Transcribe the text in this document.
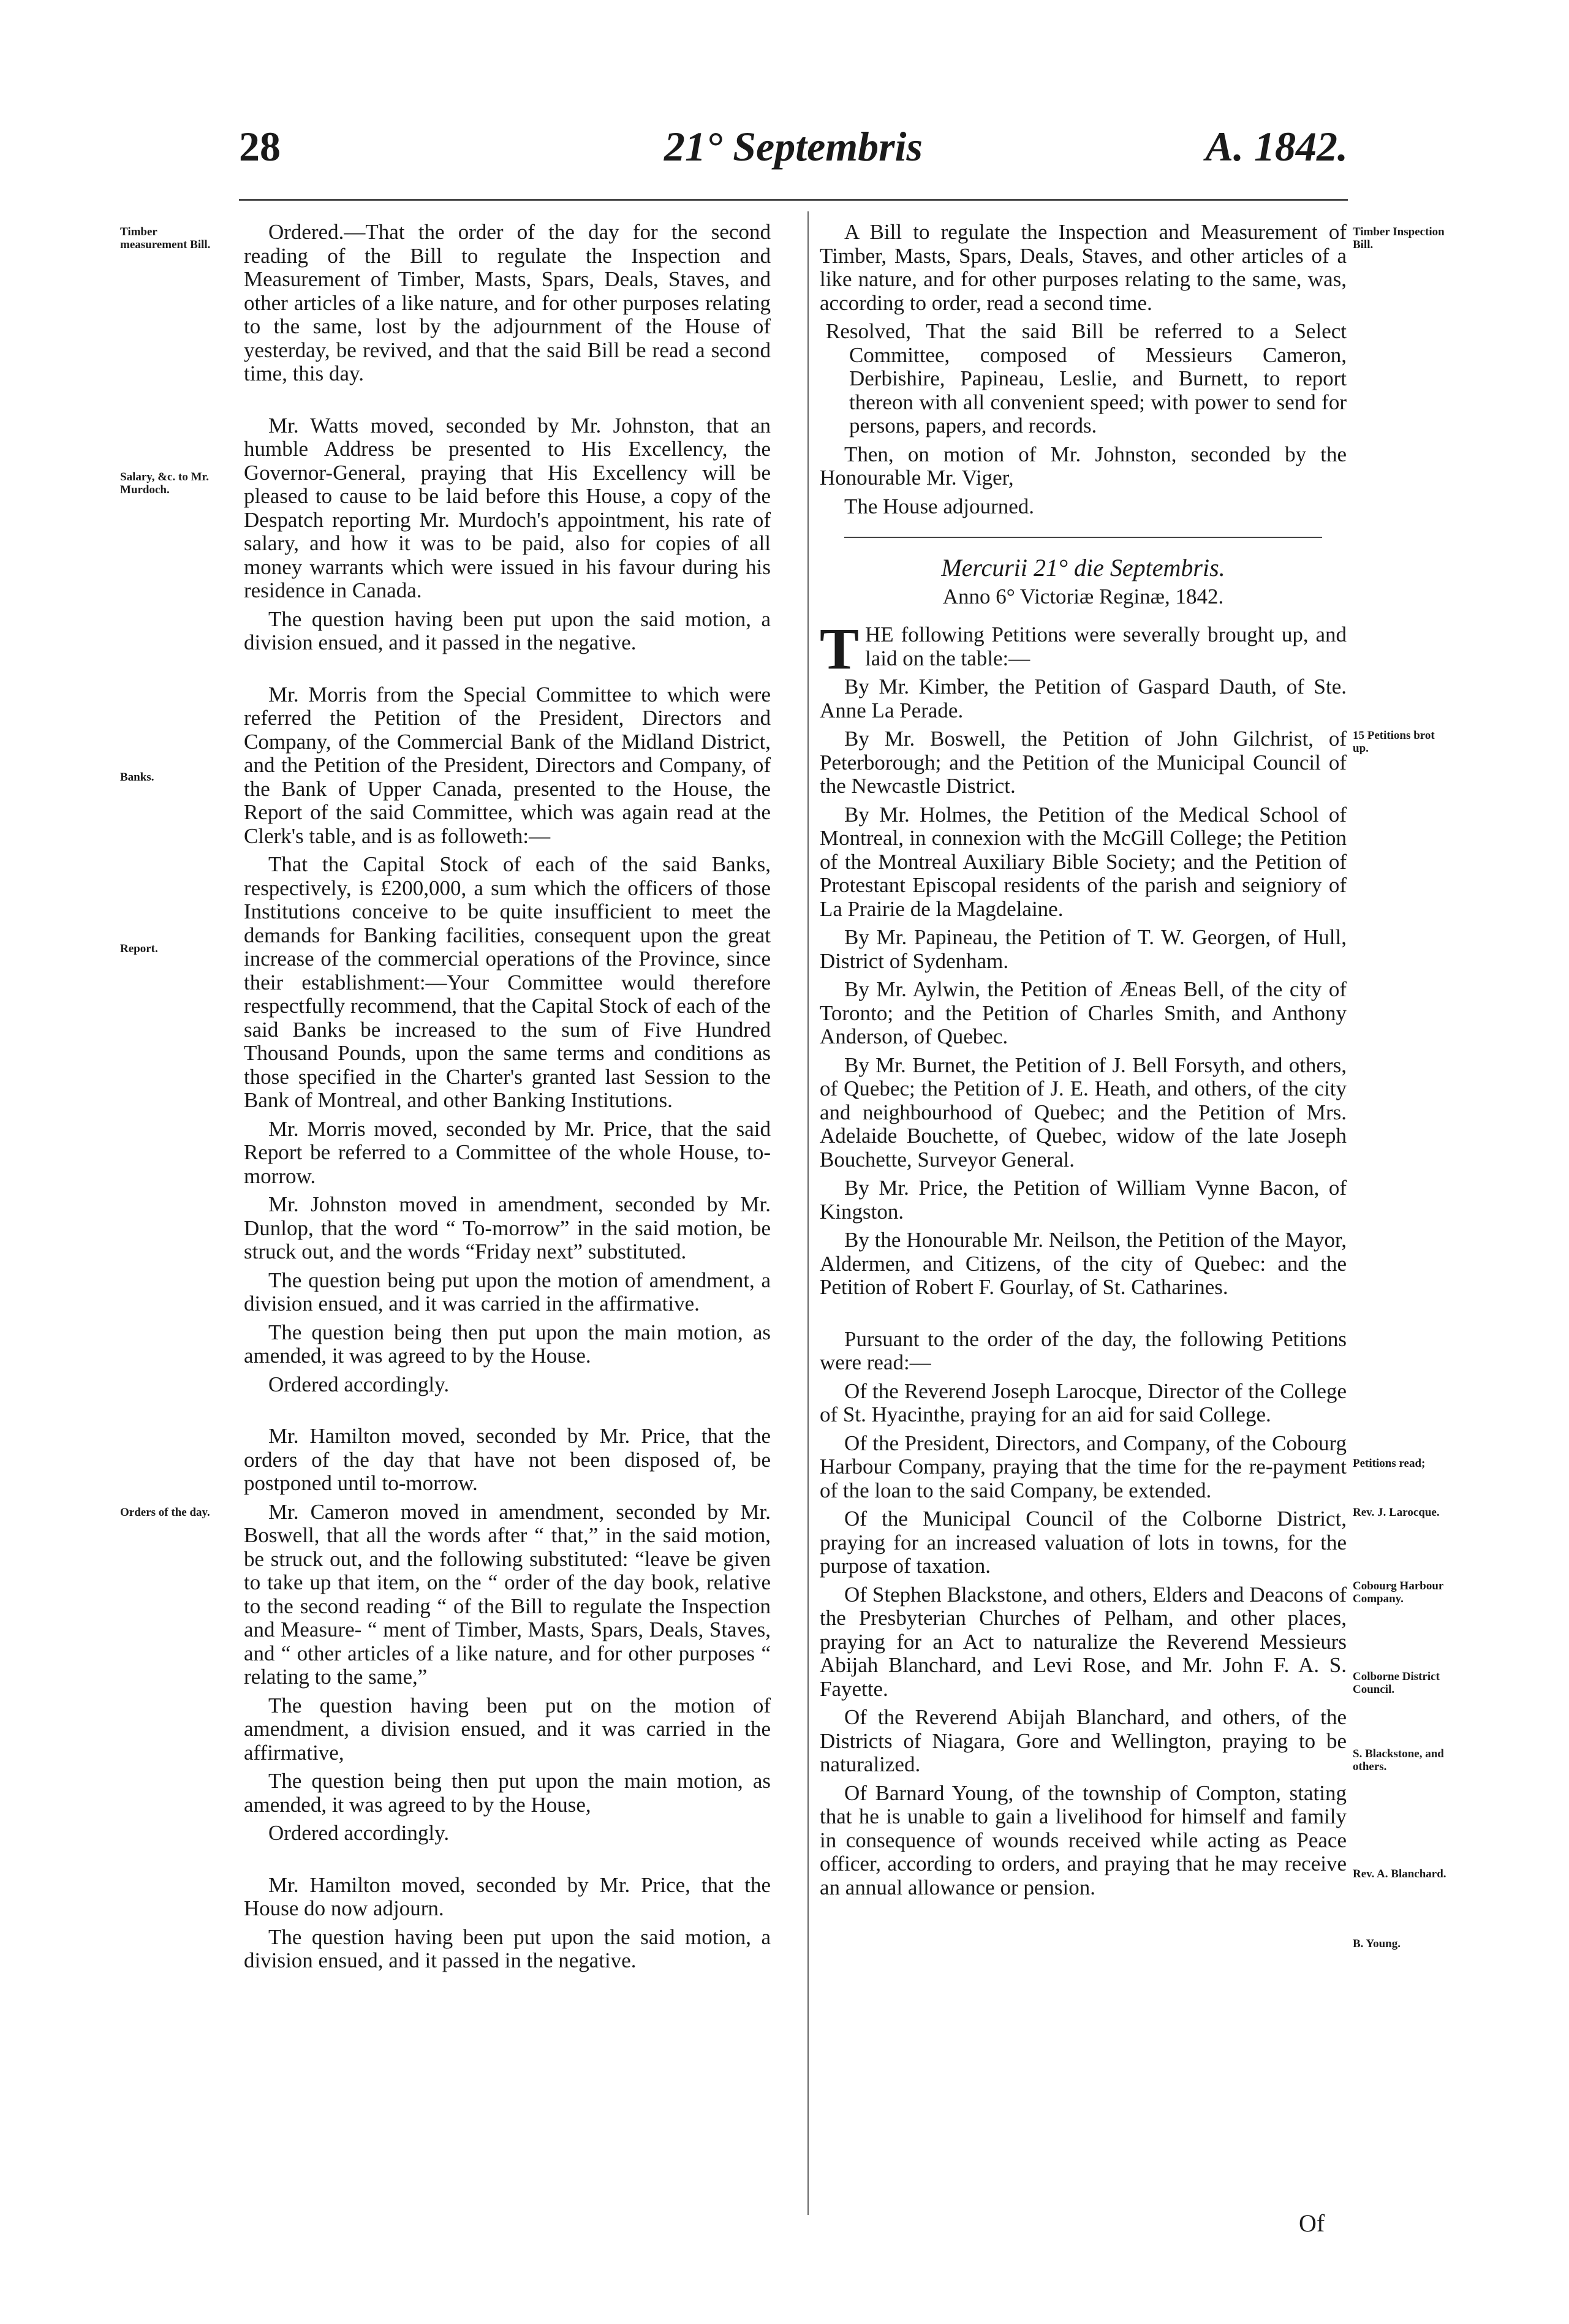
28	21° Septembris	A. 1842.
Timber measurement Bill.
Salary, &c. to Mr. Murdoch.
Banks.
Report.
Orders of the day.
Timber Inspection Bill.
15 Petitions brot up.
Petitions read;
Rev. J. Larocque.
Cobourg Harbour Company.
Colborne District Council.
S. Blackstone, and others.
Rev. A. Blanchard.
B. Young.

Ordered.—That the order of the day for the second reading of the Bill to regulate the Inspection and Measurement of Timber, Masts, Spars, Deals, Staves, and other articles of a like nature, and for other purposes relating to the same, lost by the adjournment of the House of yesterday, be revived, and that the said Bill be read a second time, this day.

Mr. Watts moved, seconded by Mr. Johnston, that an humble Address be presented to His Excellency, the Governor-General, praying that His Excellency will be pleased to cause to be laid before this House, a copy of the Despatch reporting Mr. Murdoch's appointment, his rate of salary, and how it was to be paid, also for copies of all money warrants which were issued in his favour during his residence in Canada.

The question having been put upon the said motion, a division ensued, and it passed in the negative.

Mr. Morris from the Special Committee to which were referred the Petition of the President, Directors and Company, of the Commercial Bank of the Midland District, and the Petition of the President, Directors and Company, of the Bank of Upper Canada, presented to the House, the Report of the said Committee, which was again read at the Clerk's table, and is as followeth:—

That the Capital Stock of each of the said Banks, respectively, is £200,000, a sum which the officers of those Institutions conceive to be quite insufficient to meet the demands for Banking facilities, consequent upon the great increase of the commercial operations of the Province, since their establishment:—Your Committee would therefore respectfully recommend, that the Capital Stock of each of the said Banks be increased to the sum of Five Hundred Thousand Pounds, upon the same terms and conditions as those specified in the Charter's granted last Session to the Bank of Montreal, and other Banking Institutions.

Mr. Morris moved, seconded by Mr. Price, that the said Report be referred to a Committee of the whole House, to-morrow.

Mr. Johnston moved in amendment, seconded by Mr. Dunlop, that the word “ To-morrow” in the said motion, be struck out, and the words “Friday next” substituted.

The question being put upon the motion of amendment, a division ensued, and it was carried in the affirmative.

The question being then put upon the main motion, as amended, it was agreed to by the House.

Ordered accordingly.

Mr. Hamilton moved, seconded by Mr. Price, that the orders of the day that have not been disposed of, be postponed until to-morrow.

Mr. Cameron moved in amendment, seconded by Mr. Boswell, that all the words after “ that,” in the said motion, be struck out, and the following substituted: “leave be given to take up that item, on the “ order of the day book, relative to the second reading “ of the Bill to regulate the Inspection and Measure- “ ment of Timber, Masts, Spars, Deals, Staves, and “ other articles of a like nature, and for other purposes “ relating to the same,”

The question having been put on the motion of amendment, a division ensued, and it was carried in the affirmative,

The question being then put upon the main motion, as amended, it was agreed to by the House,

Ordered accordingly.

Mr. Hamilton moved, seconded by Mr. Price, that the House do now adjourn.

The question having been put upon the said motion, a division ensued, and it passed in the negative.

A Bill to regulate the Inspection and Measurement of Timber, Masts, Spars, Deals, Staves, and other articles of a like nature, and for other purposes relating to the same, was, according to order, read a second time.

Resolved, That the said Bill be referred to a Select Committee, composed of Messieurs Cameron, Derbishire, Papineau, Leslie, and Burnett, to report thereon with all convenient speed; with power to send for persons, papers, and records.

Then, on motion of Mr. Johnston, seconded by the Honourable Mr. Viger,

The House adjourned.

Mercurii 21° die Septembris.

Anno 6° Victoriæ Reginæ, 1842.

THE following Petitions were severally brought up, and laid on the table:—

By Mr. Kimber, the Petition of Gaspard Dauth, of Ste. Anne La Perade.

By Mr. Boswell, the Petition of John Gilchrist, of Peterborough; and the Petition of the Municipal Council of the Newcastle District.

By Mr. Holmes, the Petition of the Medical School of Montreal, in connexion with the McGill College; the Petition of the Montreal Auxiliary Bible Society; and the Petition of Protestant Episcopal residents of the parish and seigniory of La Prairie de la Magdelaine.

By Mr. Papineau, the Petition of T. W. Georgen, of Hull, District of Sydenham.

By Mr. Aylwin, the Petition of Æneas Bell, of the city of Toronto; and the Petition of Charles Smith, and Anthony Anderson, of Quebec.

By Mr. Burnet, the Petition of J. Bell Forsyth, and others, of Quebec; the Petition of J. E. Heath, and others, of the city and neighbourhood of Quebec; and the Petition of Mrs. Adelaide Bouchette, of Quebec, widow of the late Joseph Bouchette, Surveyor General.

By Mr. Price, the Petition of William Vynne Bacon, of Kingston.

By the Honourable Mr. Neilson, the Petition of the Mayor, Aldermen, and Citizens, of the city of Quebec: and the Petition of Robert F. Gourlay, of St. Catharines.

Pursuant to the order of the day, the following Petitions were read:—

Of the Reverend Joseph Larocque, Director of the College of St. Hyacinthe, praying for an aid for said College.

Of the President, Directors, and Company, of the Cobourg Harbour Company, praying that the time for the re-payment of the loan to the said Company, be extended.

Of the Municipal Council of the Colborne District, praying for an increased valuation of lots in towns, for the purpose of taxation.

Of Stephen Blackstone, and others, Elders and Deacons of the Presbyterian Churches of Pelham, and other places, praying for an Act to naturalize the Reverend Messieurs Abijah Blanchard, and Levi Rose, and Mr. John F. A. S. Fayette.

Of the Reverend Abijah Blanchard, and others, of the Districts of Niagara, Gore and Wellington, praying to be naturalized.

Of Barnard Young, of the township of Compton, stating that he is unable to gain a livelihood for himself and family in consequence of wounds received while acting as Peace officer, according to orders, and praying that he may receive an annual allowance or pension.

Of
